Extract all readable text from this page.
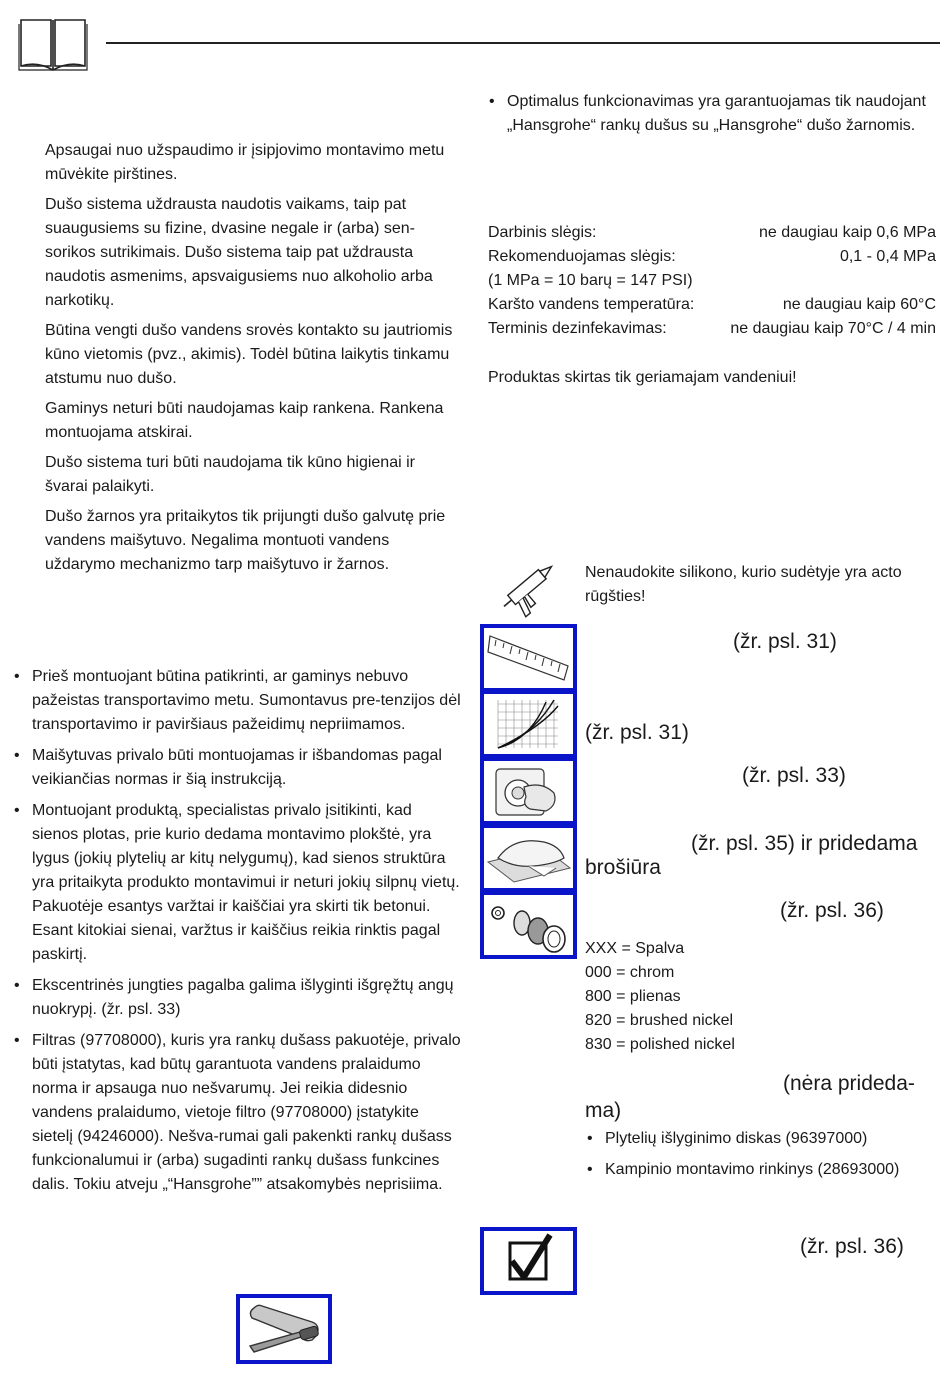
Apsaugai nuo užspaudimo ir įsipjovimo montavimo metu mūvėkite pirštines.

Dušo sistema uždrausta naudotis vaikams, taip pat suaugusiems su fizine, dvasine negale ir (arba) sen-sorikos sutrikimais. Dušo sistema taip pat uždrausta naudotis asmenims, apsvaigusiems nuo alkoholio arba narkotikų.

Būtina vengti dušo vandens srovės kontakto su jautriomis kūno vietomis (pvz., akimis). Todėl būtina laikytis tinkamu atstumu nuo dušo.

Gaminys neturi būti naudojamas kaip rankena. Rankena montuojama atskirai.

Dušo sistema turi būti naudojama tik kūno higienai ir švarai palaikyti.

Dušo žarnos yra pritaikytos tik prijungti dušo galvutę prie vandens maišytuvo. Negalima montuoti vandens uždarymo mechanizmo tarp maišytuvo ir žarnos.

• Prieš montuojant būtina patikrinti, ar gaminys nebuvo pažeistas transportavimo metu. Sumontavus pre-tenzijos dėl transportavimo ir paviršiaus pažeidimų nepriimamos.
• Maišytuvas privalo būti montuojamas ir išbandomas pagal veikiančias normas ir šią instrukciją.
• Montuojant produktą, specialistas privalo įsitikinti, kad sienos plotas, prie kurio dedama montavimo plokštė, yra lygus (jokių plytelių ar kitų nelygumų), kad sienos struktūra yra pritaikyta produkto montavimui ir neturi jokių silpnų vietų. Pakuotėje esantys varžtai ir kaiščiai yra skirti tik betonui. Esant kitokiai sienai, varžtus ir kaiščius reikia rinktis pagal paskirtį.
• Ekscentrinės jungties pagalba galima išlyginti išgręžtų angų nuokrypį. (žr. psl. 33)
• Filtras (97708000), kuris yra rankų dušass pakuotėje, privalo būti įstatytas, kad būtų garantuota vandens pralaidumo norma ir apsauga nuo nešvarumų. Jei reikia didesnio vandens pralaidumo, vietoje filtro (97708000) įstatykite sietelį (94246000). Nešva-rumai gali pakenkti rankų dušass funkcionalumui ir (arba) sugadinti rankų dušass funkcines dalis. Tokiu atveju „“Hansgrohe”” atsakomybės neprisiima.
• Optimalus funkcionavimas yra garantuojamas tik naudojant „Hansgrohe“ rankų dušus su „Hansgrohe“ dušo žarnomis.
Darbinis slėgis:	ne daugiau kaip 0,6 MPa
Rekomenduojamas slėgis:	0,1 - 0,4 MPa
(1 MPa = 10 barų = 147 PSI)
Karšto vandens temperatūra:	ne daugiau kaip 60°C
Terminis dezinfekavimas:	ne daugiau kaip 70°C / 4 min
Produktas skirtas tik geriamajam vandeniui!
Nenaudokite silikono, kurio sudėtyje yra acto rūgšties!
(žr. psl. 31)
(žr. psl. 31)
(žr. psl. 33)
(žr. psl. 35) ir pridedama
brošiūra
(žr. psl. 36)
XXX = Spalva
000 = chrom
800 = plienas
820 = brushed nickel
830 = polished nickel
(nėra prideda-
ma)
• Plytelių išlyginimo diskas (96397000)
• Kampinio montavimo rinkinys (28693000)
(žr. psl. 36)
